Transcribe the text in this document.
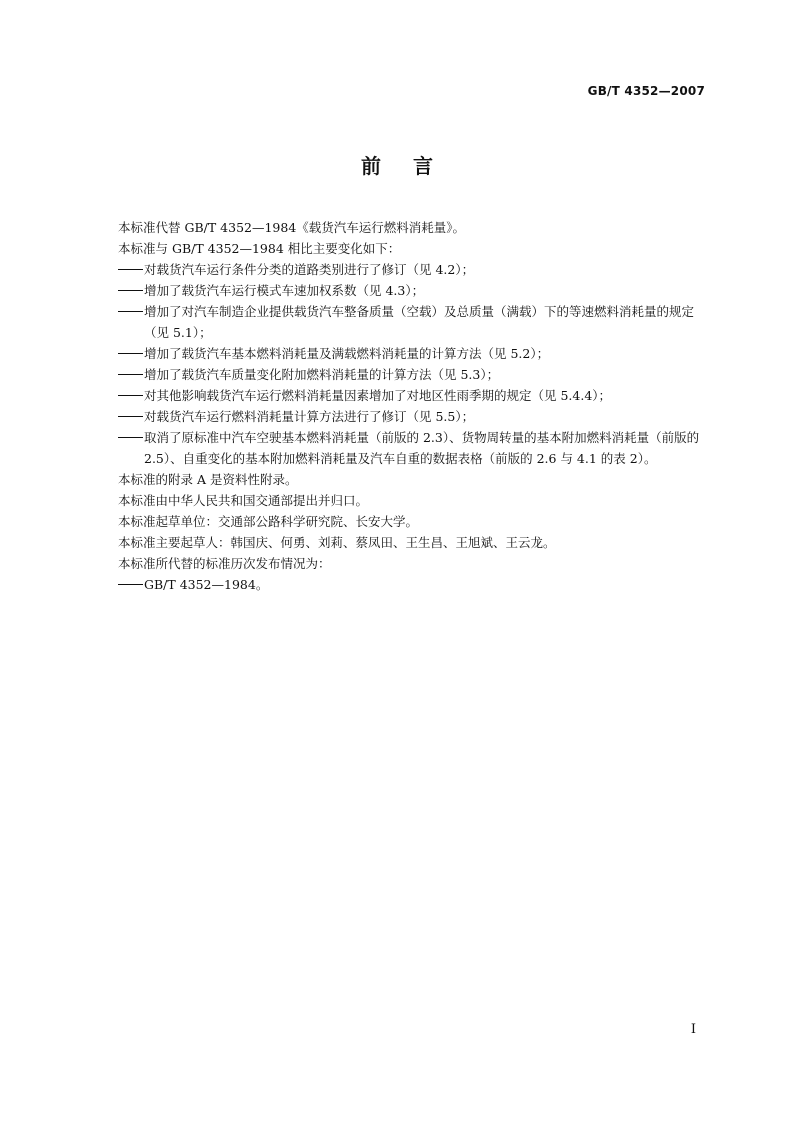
GB/T 4352—2007
前言

本标准代替 GB/T 4352—1984《载货汽车运行燃料消耗量》。

本标准与 GB/T 4352—1984 相比主要变化如下：

对载货汽车运行条件分类的道路类别进行了修订（见 4.2）；
增加了载货汽车运行模式车速加权系数（见 4.3）；
增加了对汽车制造企业提供载货汽车整备质量（空载）及总质量（满载）下的等速燃料消耗量的规定（见 5.1）；
增加了载货汽车基本燃料消耗量及满载燃料消耗量的计算方法（见 5.2）；
增加了载货汽车质量变化附加燃料消耗量的计算方法（见 5.3）；
对其他影响载货汽车运行燃料消耗量因素增加了对地区性雨季期的规定（见 5.4.4）；
对载货汽车运行燃料消耗量计算方法进行了修订（见 5.5）；
取消了原标准中汽车空驶基本燃料消耗量（前版的 2.3）、货物周转量的基本附加燃料消耗量（前版的 2.5）、自重变化的基本附加燃料消耗量及汽车自重的数据表格（前版的 2.6 与 4.1 的表 2）。

本标准的附录 A 是资料性附录。

本标准由中华人民共和国交通部提出并归口。

本标准起草单位：交通部公路科学研究院、长安大学。

本标准主要起草人：韩国庆、何勇、刘莉、蔡凤田、王生昌、王旭斌、王云龙。

本标准所代替的标准历次发布情况为：

GB/T 4352—1984。
I
